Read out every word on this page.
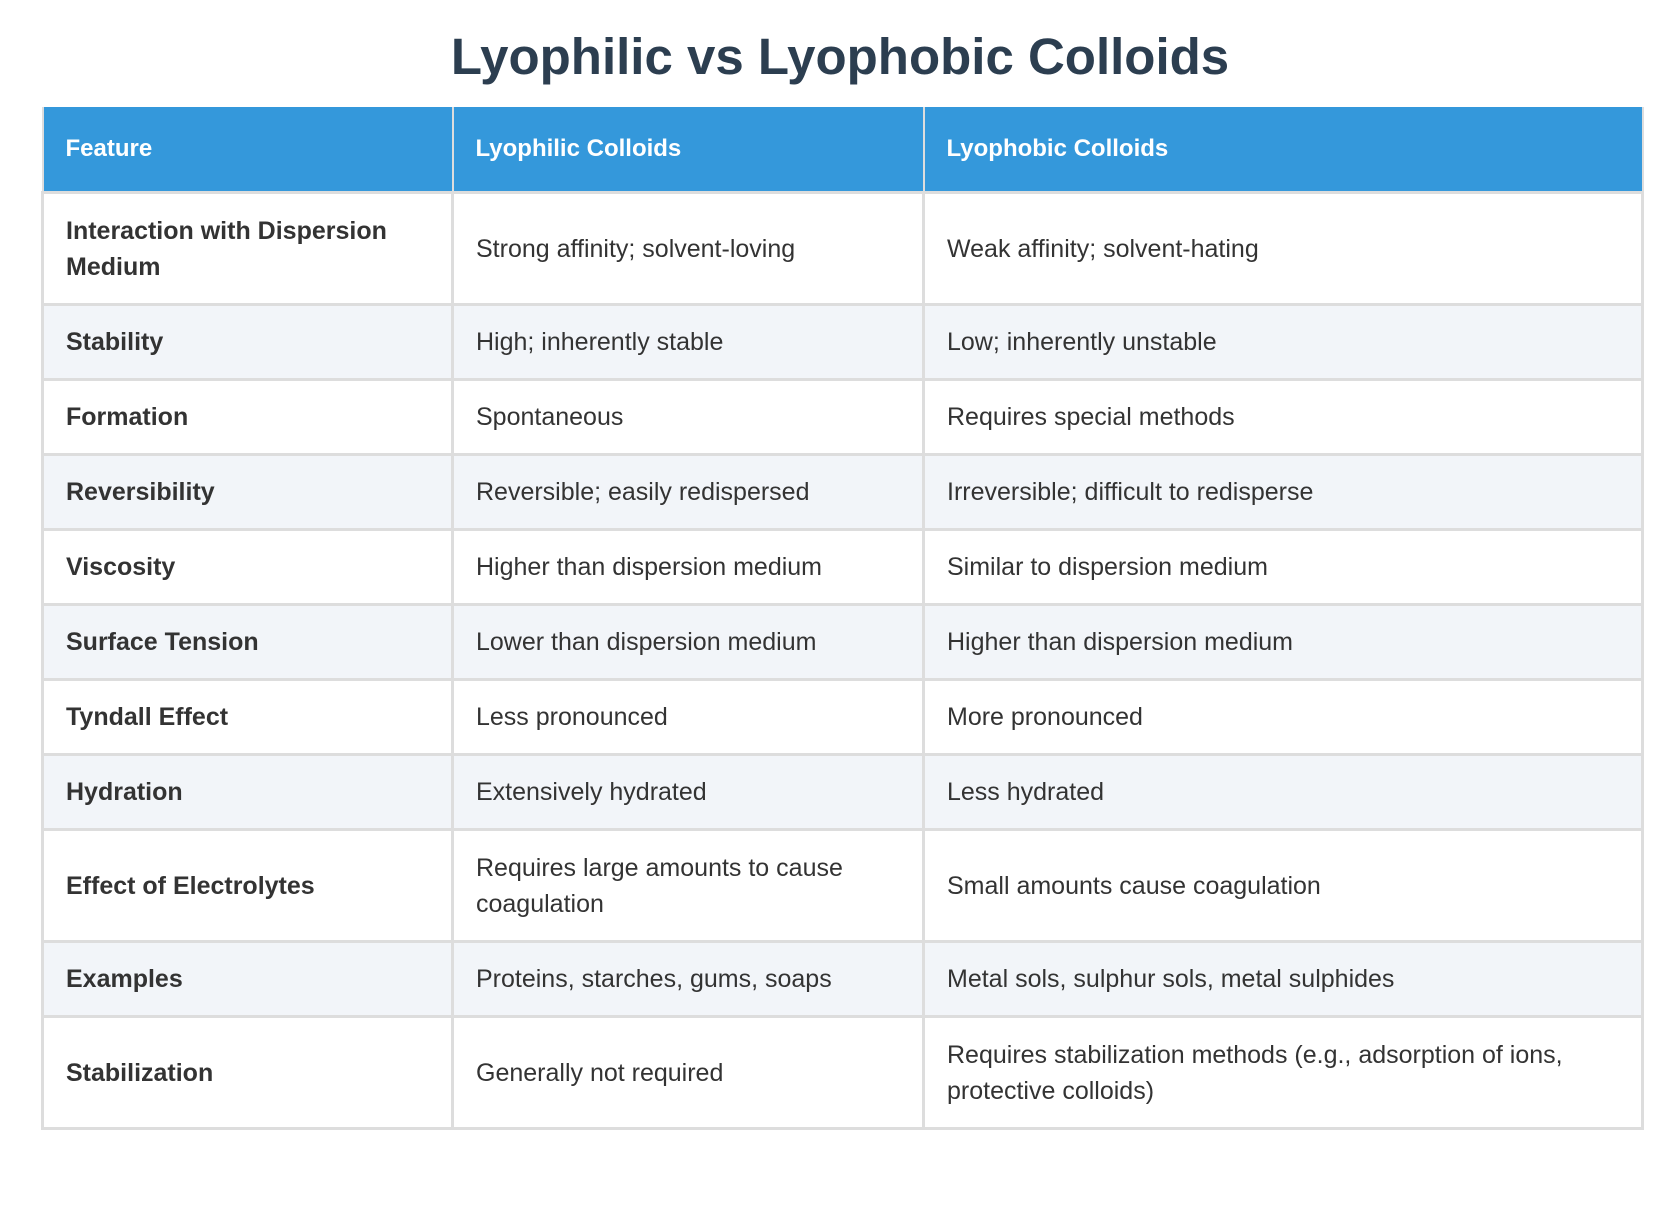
Lyophilic vs Lyophobic Colloids
Feature	Lyophilic Colloids	Lyophobic Colloids
Interaction with Dispersion Medium	Strong affinity; solvent-loving	Weak affinity; solvent-hating
Stability	High; inherently stable	Low; inherently unstable
Formation	Spontaneous	Requires special methods
Reversibility	Reversible; easily redispersed	Irreversible; difficult to redisperse
Viscosity	Higher than dispersion medium	Similar to dispersion medium
Surface Tension	Lower than dispersion medium	Higher than dispersion medium
Tyndall Effect	Less pronounced	More pronounced
Hydration	Extensively hydrated	Less hydrated
Effect of Electrolytes	Requires large amounts to cause coagulation	Small amounts cause coagulation
Examples	Proteins, starches, gums, soaps	Metal sols, sulphur sols, metal sulphides
Stabilization	Generally not required	Requires stabilization methods (e.g., adsorption of ions, protective colloids)
